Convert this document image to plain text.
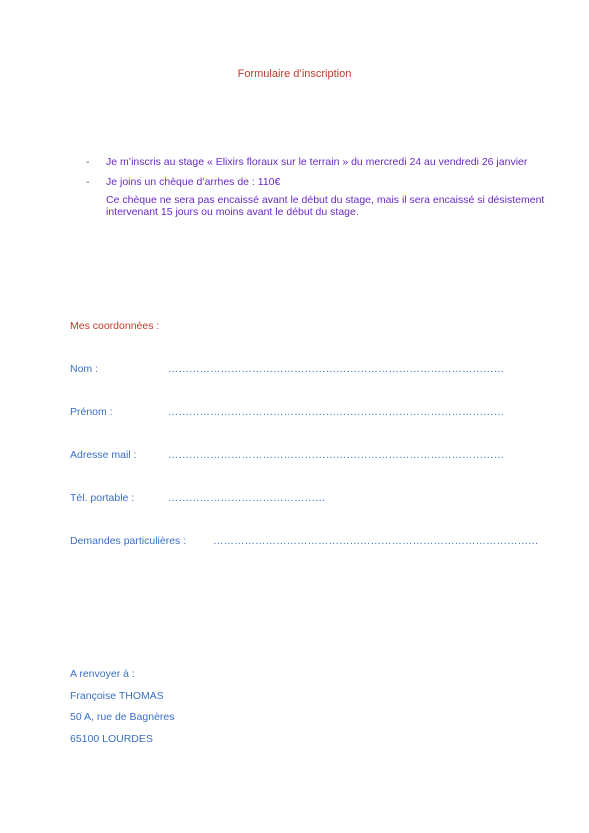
Formulaire d’inscription
- Je m’inscris au stage « Elixirs floraux sur le terrain » du mercredi 24 au vendredi 26 janvier
- Je joins un chèque d’arrhes de : 110€
Ce chèque ne sera pas encaissé avant le début du stage, mais il sera encaissé si désistement intervenant 15 jours ou moins avant le début du stage.
Mes coordonnées :
Nom :	……………………………………………………………………………………
Prénom :	……………………………………………………………………………………
Adresse mail :	……………………………………………………………………………………
Tél. portable :	………………………………………
Demandes particulières :	…………………………………………………………………………………
A renvoyer à :
Françoise THOMAS
50 A, rue de Bagnères
65100 LOURDES
